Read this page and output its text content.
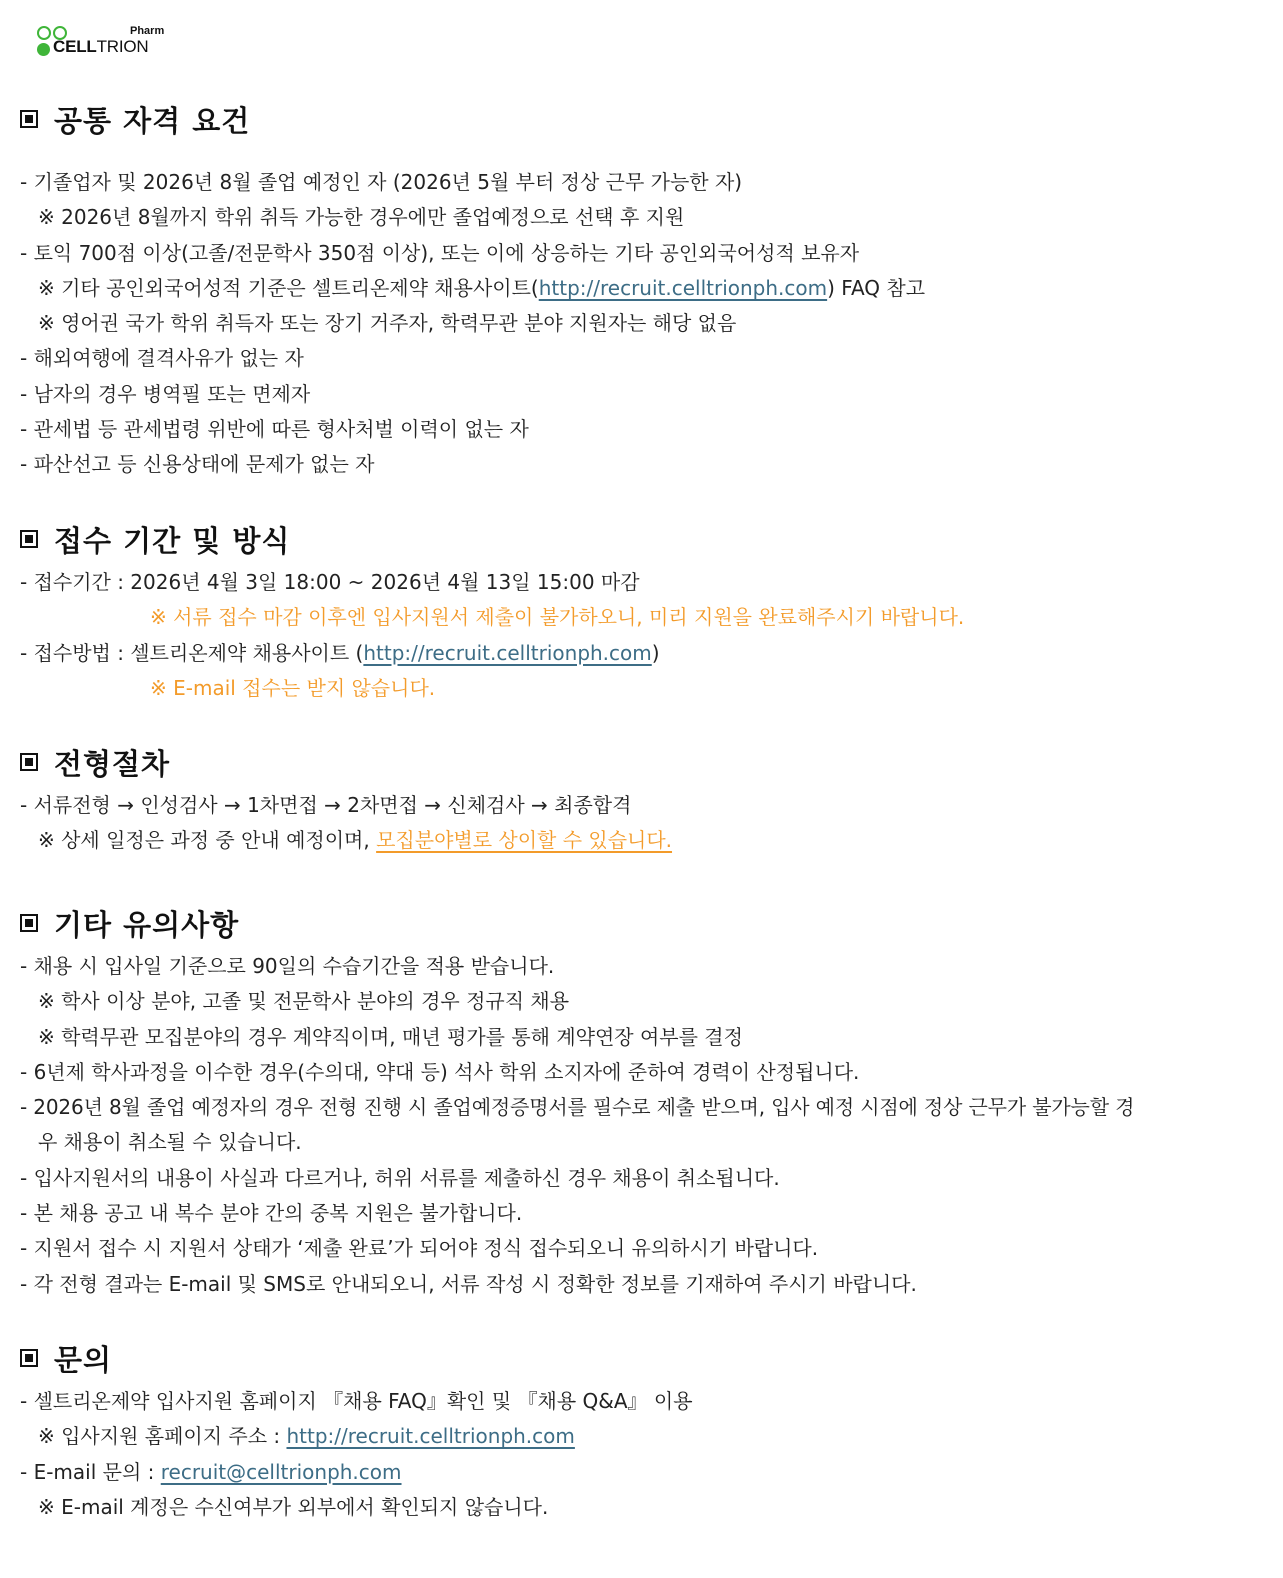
Pharm
CELLTRION
공통 자격 요건
- 기졸업자 및 2026년 8월 졸업 예정인 자 (2026년 5월 부터 정상 근무 가능한 자)
※ 2026년 8월까지 학위 취득 가능한 경우에만 졸업예정으로 선택 후 지원
- 토익 700점 이상(고졸/전문학사 350점 이상), 또는 이에 상응하는 기타 공인외국어성적 보유자
※ 기타 공인외국어성적 기준은 셀트리온제약 채용사이트(http://recruit.celltrionph.com) FAQ 참고
※ 영어권 국가 학위 취득자 또는 장기 거주자, 학력무관 분야 지원자는 해당 없음
- 해외여행에 결격사유가 없는 자
- 남자의 경우 병역필 또는 면제자
- 관세법 등 관세법령 위반에 따른 형사처벌 이력이 없는 자
- 파산선고 등 신용상태에 문제가 없는 자
접수 기간 및 방식
- 접수기간 : 2026년 4월 3일 18:00 ~ 2026년 4월 13일 15:00 마감
※ 서류 접수 마감 이후엔 입사지원서 제출이 불가하오니, 미리 지원을 완료해주시기 바랍니다.
- 접수방법 : 셀트리온제약 채용사이트 (http://recruit.celltrionph.com)
※ E-mail 접수는 받지 않습니다.
전형절차
- 서류전형 → 인성검사 → 1차면접 → 2차면접 → 신체검사 → 최종합격
※ 상세 일정은 과정 중 안내 예정이며, 모집분야별로 상이할 수 있습니다.
기타 유의사항
- 채용 시 입사일 기준으로 90일의 수습기간을 적용 받습니다.
※ 학사 이상 분야, 고졸 및 전문학사 분야의 경우 정규직 채용
※ 학력무관 모집분야의 경우 계약직이며, 매년 평가를 통해 계약연장 여부를 결정
- 6년제 학사과정을 이수한 경우(수의대, 약대 등) 석사 학위 소지자에 준하여 경력이 산정됩니다.
- 2026년 8월 졸업 예정자의 경우 전형 진행 시 졸업예정증명서를 필수로 제출 받으며, 입사 예정 시점에 정상 근무가 불가능할 경
우 채용이 취소될 수 있습니다.
- 입사지원서의 내용이 사실과 다르거나, 허위 서류를 제출하신 경우 채용이 취소됩니다.
- 본 채용 공고 내 복수 분야 간의 중복 지원은 불가합니다.
- 지원서 접수 시 지원서 상태가 ‘제출 완료’가 되어야 정식 접수되오니 유의하시기 바랍니다.
- 각 전형 결과는 E-mail 및 SMS로 안내되오니, 서류 작성 시 정확한 정보를 기재하여 주시기 바랍니다.
문의
- 셀트리온제약 입사지원 홈페이지 『채용 FAQ』확인 및 『채용 Q&A』 이용
※ 입사지원 홈페이지 주소 : http://recruit.celltrionph.com
- E-mail 문의 : recruit@celltrionph.com
※ E-mail 계정은 수신여부가 외부에서 확인되지 않습니다.
